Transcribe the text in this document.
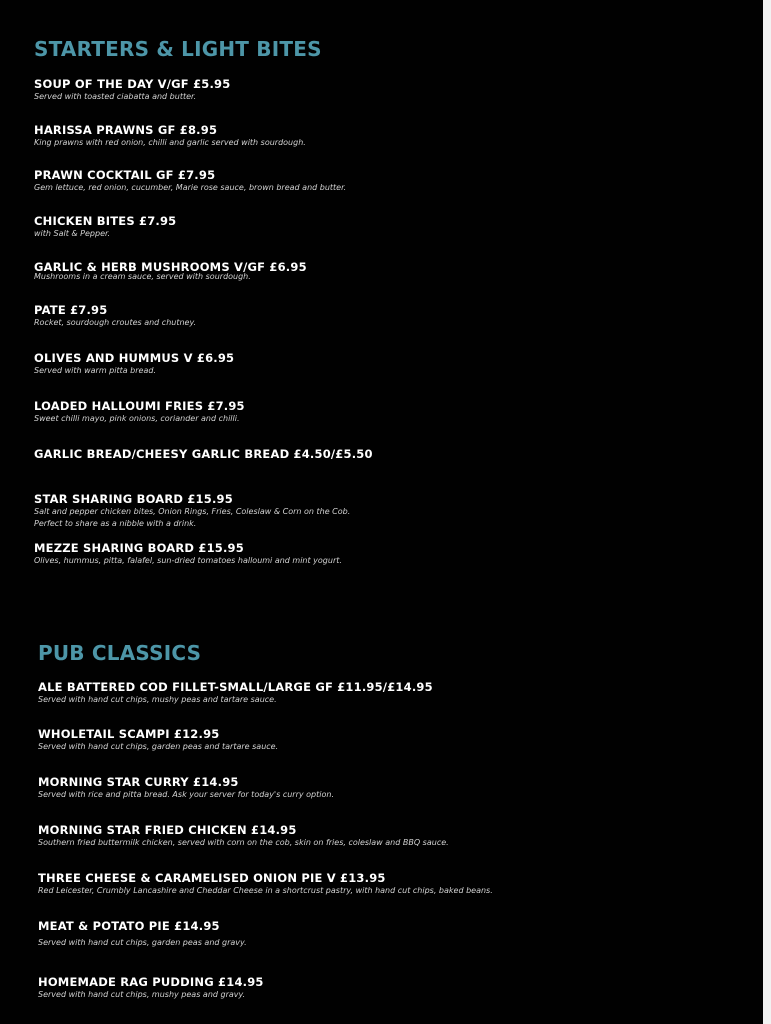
STARTERS & LIGHT BITES
SOUP OF THE DAY V/GF £5.95
Served with toasted ciabatta and butter.
HARISSA PRAWNS GF £8.95
King prawns with red onion, chilli and garlic served with sourdough.
PRAWN COCKTAIL GF £7.95
Gem lettuce, red onion, cucumber, Marie rose sauce, brown bread and butter.
CHICKEN BITES £7.95
with Salt & Pepper.
GARLIC & HERB MUSHROOMS V/GF £6.95
Mushrooms in a cream sauce, served with sourdough.
PATE £7.95
Rocket, sourdough croutes and chutney.
OLIVES AND HUMMUS V £6.95
Served with warm pitta bread.
LOADED HALLOUMI FRIES £7.95
Sweet chilli mayo, pink onions, coriander and chilli.
GARLIC BREAD/CHEESY GARLIC BREAD £4.50/£5.50
STAR SHARING BOARD £15.95
Salt and pepper chicken bites, Onion Rings, Fries, Coleslaw & Corn on the Cob.
Perfect to share as a nibble with a drink.
MEZZE SHARING BOARD £15.95
Olives, hummus, pitta, falafel, sun-dried tomatoes halloumi and mint yogurt.
PUB CLASSICS
ALE BATTERED COD FILLET-SMALL/LARGE GF £11.95/£14.95
Served with hand cut chips, mushy peas and tartare sauce.
WHOLETAIL SCAMPI £12.95
Served with hand cut chips, garden peas and tartare sauce.
MORNING STAR CURRY £14.95
Served with rice and pitta bread. Ask your server for today's curry option.
MORNING STAR FRIED CHICKEN £14.95
Southern fried buttermilk chicken, served with corn on the cob, skin on fries, coleslaw and BBQ sauce.
THREE CHEESE & CARAMELISED ONION PIE V £13.95
Red Leicester, Crumbly Lancashire and Cheddar Cheese in a shortcrust pastry, with hand cut chips, baked beans.
MEAT & POTATO PIE £14.95
Served with hand cut chips, garden peas and gravy.
HOMEMADE RAG PUDDING £14.95
Served with hand cut chips, mushy peas and gravy.
